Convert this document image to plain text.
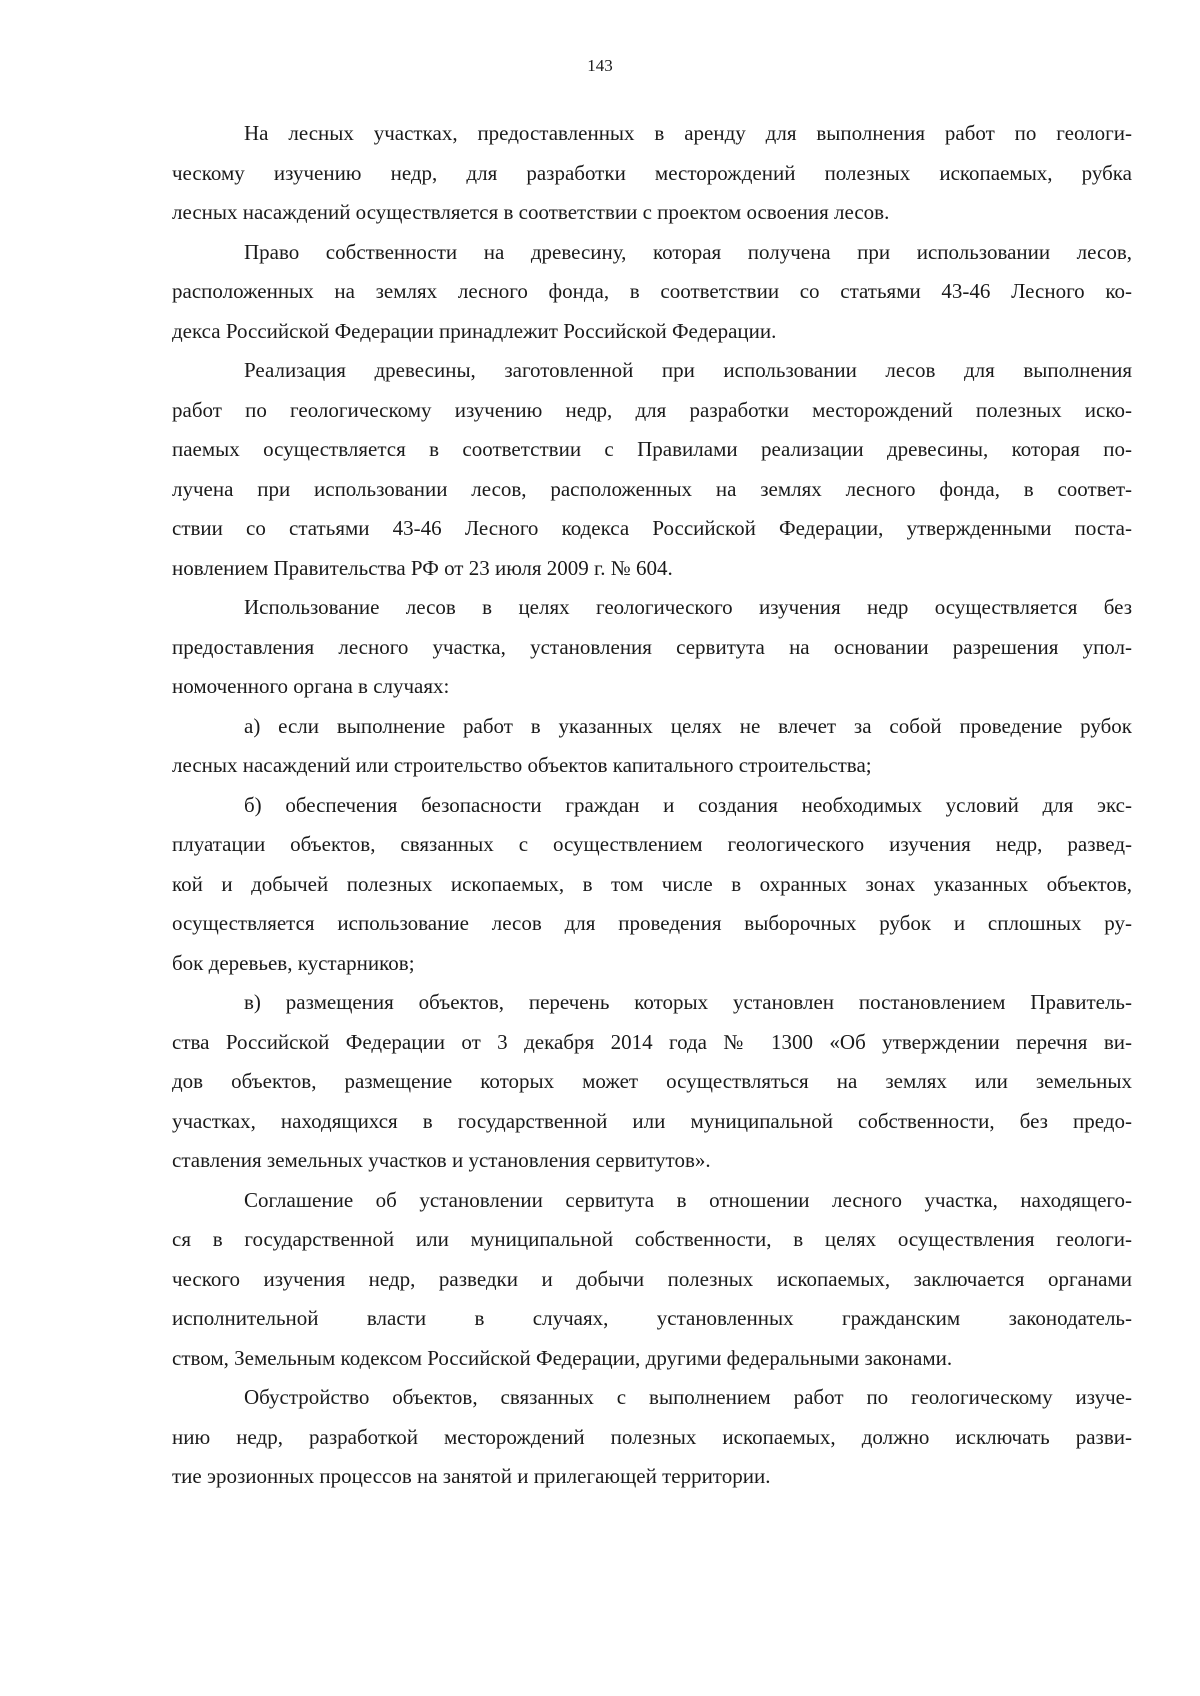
143

На лесных участках, предоставленных в аренду для выполнения работ по геологи-
ческому изучению недр, для разработки месторождений полезных ископаемых, рубка
лесных насаждений осуществляется в соответствии с проектом освоения лесов.

Право собственности на древесину, которая получена при использовании лесов,
расположенных на землях лесного фонда, в соответствии со статьями 43-46 Лесного ко-
декса Российской Федерации принадлежит Российской Федерации.

Реализация древесины, заготовленной при использовании лесов для выполнения
работ по геологическому изучению недр, для разработки месторождений полезных иско-
паемых осуществляется в соответствии с Правилами реализации древесины, которая по-
лучена при использовании лесов, расположенных на землях лесного фонда, в соответ-
ствии со статьями 43-46 Лесного кодекса Российской Федерации, утвержденными поста-
новлением Правительства РФ от 23 июля 2009 г. № 604.

Использование лесов в целях геологического изучения недр осуществляется без
предоставления лесного участка, установления сервитута на основании разрешения упол-
номоченного органа в случаях:

а) если выполнение работ в указанных целях не влечет за собой проведение рубок
лесных насаждений или строительство объектов капитального строительства;

б) обеспечения безопасности граждан и создания необходимых условий для экс-
плуатации объектов, связанных с осуществлением геологического изучения недр, развед-
кой и добычей полезных ископаемых, в том числе в охранных зонах указанных объектов,
осуществляется использование лесов для проведения выборочных рубок и сплошных ру-
бок деревьев, кустарников;

в) размещения объектов, перечень которых установлен постановлением Правитель-
ства Российской Федерации от 3 декабря 2014 года № 1300 «Об утверждении перечня ви-
дов объектов, размещение которых может осуществляться на землях или земельных
участках, находящихся в государственной или муниципальной собственности, без предо-
ставления земельных участков и установления сервитутов».

Соглашение об установлении сервитута в отношении лесного участка, находящего-
ся в государственной или муниципальной собственности, в целях осуществления геологи-
ческого изучения недр, разведки и добычи полезных ископаемых, заключается органами
исполнительной власти в случаях, установленных гражданским законодатель-
ством, Земельным кодексом Российской Федерации, другими федеральными законами.

Обустройство объектов, связанных с выполнением работ по геологическому изуче-
нию недр, разработкой месторождений полезных ископаемых, должно исключать разви-
тие эрозионных процессов на занятой и прилегающей территории.
